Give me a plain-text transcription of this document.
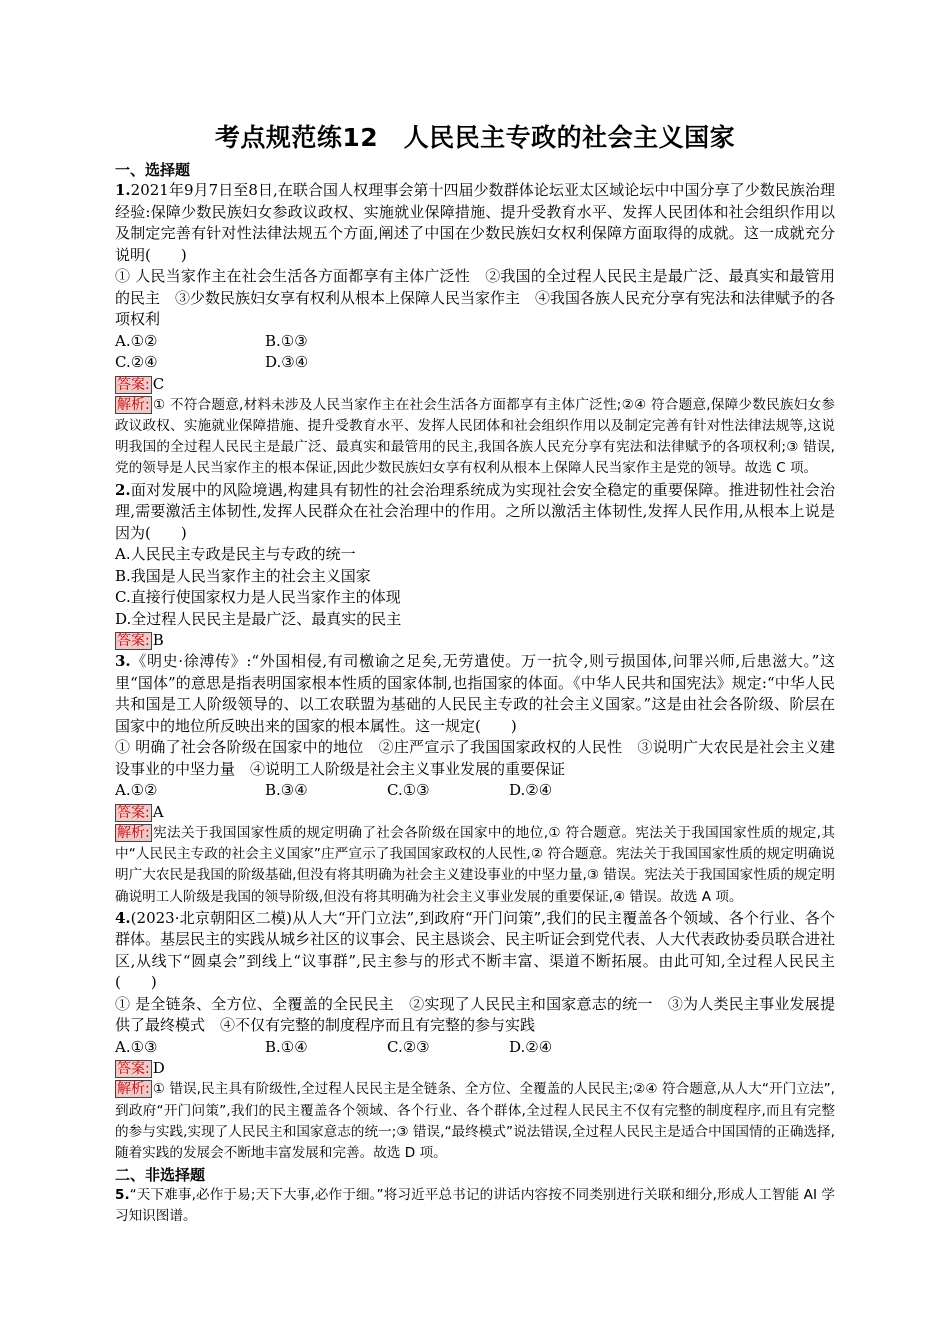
考点规范练12　人民民主专政的社会主义国家
一、选择题

1.2021年9月7日至8日,在联合国人权理事会第十四届少数群体论坛亚太区域论坛中中国分享了少数民族治理经验:保障少数民族妇女参政议政权、实施就业保障措施、提升受教育水平、发挥人民团体和社会组织作用以及制定完善有针对性法律法规五个方面,阐述了中国在少数民族妇女权利保障方面取得的成就。这一成就充分说明(　　)

① 人民当家作主在社会生活各方面都享有主体广泛性　②我国的全过程人民民主是最广泛、最真实和最管用的民主　③少数民族妇女享有权利从根本上保障人民当家作主　④我国各族人民充分享有宪法和法律赋予的各项权利

A.①②	B.①③
C.②④	D.③④
答案: C
解析: ① 不符合题意,材料未涉及人民当家作主在社会生活各方面都享有主体广泛性;②④ 符合题意,保障少数民族妇女参政议政权、实施就业保障措施、提升受教育水平、发挥人民团体和社会组织作用以及制定完善有针对性法律法规等,这说明我国的全过程人民民主是最广泛、最真实和最管用的民主,我国各族人民充分享有宪法和法律赋予的各项权利;③ 错误,党的领导是人民当家作主的根本保证,因此少数民族妇女享有权利从根本上保障人民当家作主是党的领导。故选 C 项。

2.面对发展中的风险境遇,构建具有韧性的社会治理系统成为实现社会安全稳定的重要保障。推进韧性社会治理,需要激活主体韧性,发挥人民群众在社会治理中的作用。之所以激活主体韧性,发挥人民作用,从根本上说是因为(　　)

A.人民民主专政是民主与专政的统一

B.我国是人民当家作主的社会主义国家

C.直接行使国家权力是人民当家作主的体现

D.全过程人民民主是最广泛、最真实的民主

答案: B

3.《明史·徐溥传》:“外国相侵,有司檄谕之足矣,无劳遣使。万一抗令,则亏损国体,问罪兴师,后患滋大。”这里“国体”的意思是指表明国家根本性质的国家体制,也指国家的体面。《中华人民共和国宪法》规定:“中华人民共和国是工人阶级领导的、以工农联盟为基础的人民民主专政的社会主义国家。”这是由社会各阶级、阶层在国家中的地位所反映出来的国家的根本属性。这一规定(　　)

① 明确了社会各阶级在国家中的地位　②庄严宣示了我国国家政权的人民性　③说明广大农民是社会主义建设事业的中坚力量　④说明工人阶级是社会主义事业发展的重要保证

A.①②	B.③④	C.①③	D.②④
答案: A
解析: 宪法关于我国国家性质的规定明确了社会各阶级在国家中的地位,① 符合题意。宪法关于我国国家性质的规定,其中“人民民主专政的社会主义国家”庄严宣示了我国国家政权的人民性,② 符合题意。宪法关于我国国家性质的规定明确说明广大农民是我国的阶级基础,但没有将其明确为社会主义建设事业的中坚力量,③ 错误。宪法关于我国国家性质的规定明确说明工人阶级是我国的领导阶级,但没有将其明确为社会主义事业发展的重要保证,④ 错误。故选 A 项。

4.(2023·北京朝阳区二模)从人大“开门立法”,到政府“开门问策”,我们的民主覆盖各个领域、各个行业、各个群体。基层民主的实践从城乡社区的议事会、民主恳谈会、民主听证会到党代表、人大代表政协委员联合进社区,从线下“圆桌会”到线上“议事群”,民主参与的形式不断丰富、渠道不断拓展。由此可知,全过程人民民主(　　)

① 是全链条、全方位、全覆盖的全民民主　②实现了人民民主和国家意志的统一　③为人类民主事业发展提供了最终模式　④不仅有完整的制度程序而且有完整的参与实践

A.①③	B.①④	C.②③	D.②④
答案: D
解析: ① 错误,民主具有阶级性,全过程人民民主是全链条、全方位、全覆盖的人民民主;②④ 符合题意,从人大“开门立法”,到政府“开门问策”,我们的民主覆盖各个领域、各个行业、各个群体,全过程人民民主不仅有完整的制度程序,而且有完整的参与实践,实现了人民民主和国家意志的统一;③ 错误,“最终模式”说法错误,全过程人民民主是适合中国国情的正确选择,随着实践的发展会不断地丰富发展和完善。故选 D 项。
二、非选择题

5.“天下难事,必作于易;天下大事,必作于细。”将习近平总书记的讲话内容按不同类别进行关联和细分,形成人工智能 AI 学习知识图谱。
